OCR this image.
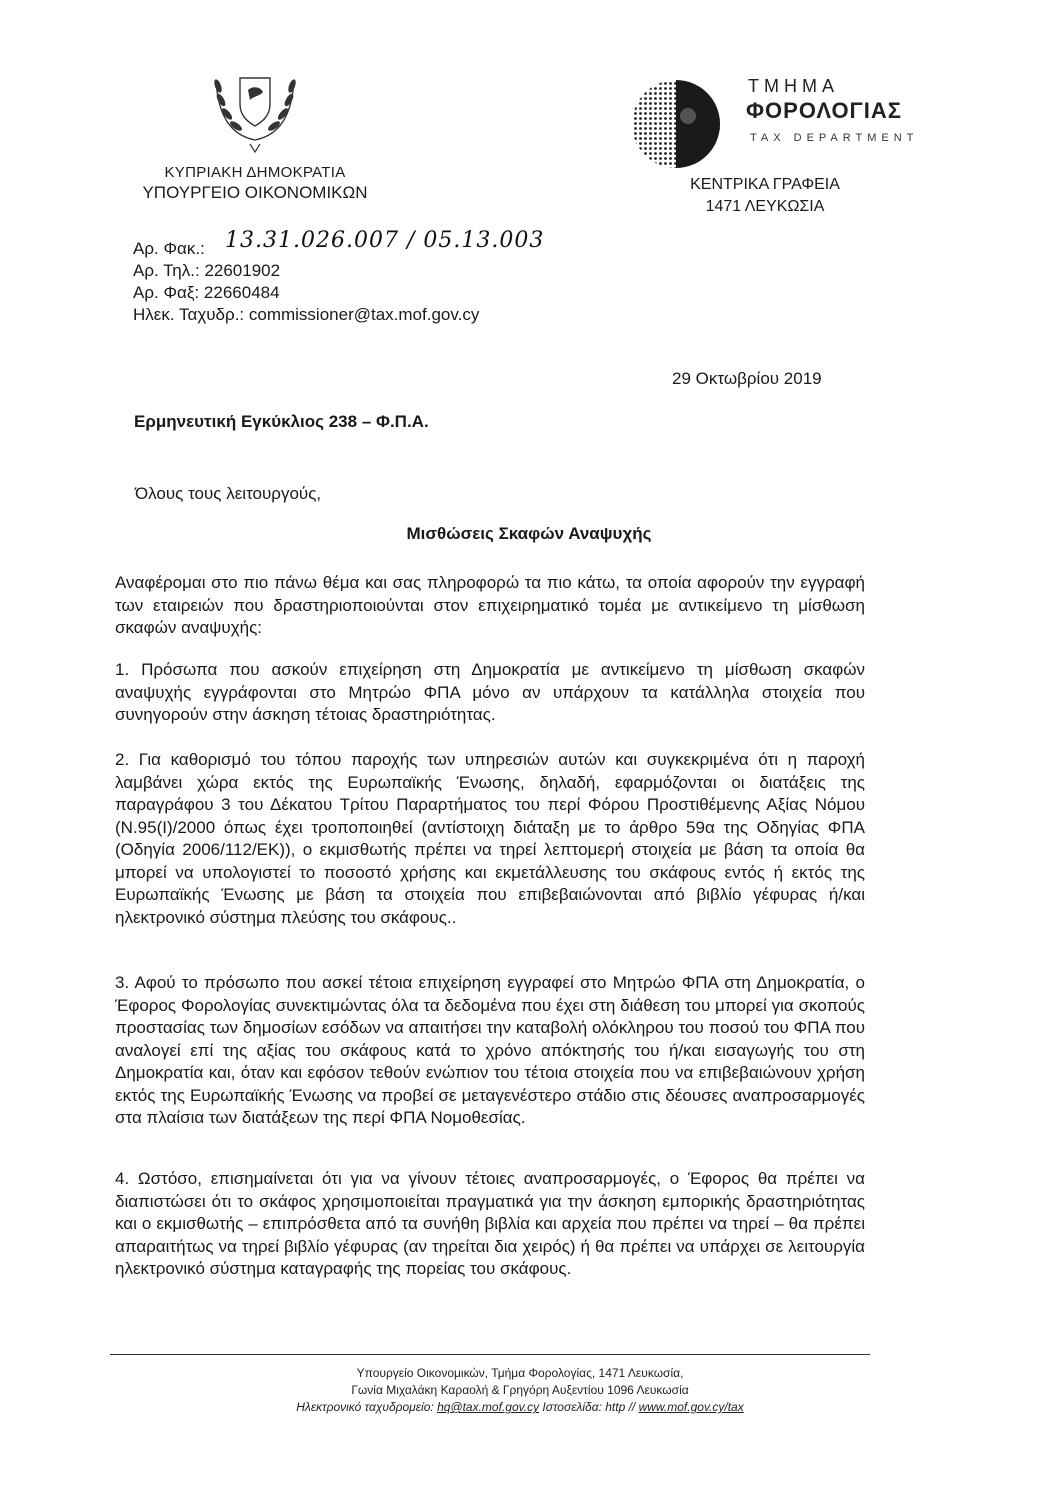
ΚΥΠΡΙΑΚΗ ΔΗΜΟΚΡΑΤΙΑ
ΥΠΟΥΡΓΕΙΟ ΟΙΚΟΝΟΜΙΚΩΝ
ΤΜΗΜΑ
ΦΟΡΟΛΟΓΙΑΣ
TAX DEPARTMENT
ΚΕΝΤΡΙΚΑ ΓΡΑΦΕΙΑ
1471 ΛΕΥΚΩΣΙΑ
Αρ. Φακ.: 13.31.026.007 / 05.13.003
Αρ. Τηλ.: 22601902
Αρ. Φαξ: 22660484
Ηλεκ. Ταχυδρ.: commissioner@tax.mof.gov.cy
29 Οκτωβρίου 2019
Ερμηνευτική Εγκύκλιος 238 – Φ.Π.Α.
Όλους τους λειτουργούς,
Μισθώσεις Σκαφών Αναψυχής
Αναφέρομαι στο πιο πάνω θέμα και σας πληροφορώ τα πιο κάτω, τα οποία αφορούν την εγγραφή των εταιρειών που δραστηριοποιούνται στον επιχειρηματικό τομέα με αντικείμενο τη μίσθωση σκαφών αναψυχής:
1. Πρόσωπα που ασκούν επιχείρηση στη Δημοκρατία με αντικείμενο τη μίσθωση σκαφών αναψυχής εγγράφονται στο Μητρώο ΦΠΑ μόνο αν υπάρχουν τα κατάλληλα στοιχεία που συνηγορούν στην άσκηση τέτοιας δραστηριότητας.
2. Για καθορισμό του τόπου παροχής των υπηρεσιών αυτών και συγκεκριμένα ότι η παροχή λαμβάνει χώρα εκτός της Ευρωπαϊκής Ένωσης, δηλαδή, εφαρμόζονται οι διατάξεις της παραγράφου 3 του Δέκατου Τρίτου Παραρτήματος του περί Φόρου Προστιθέμενης Αξίας Νόμου (Ν.95(Ι)/2000 όπως έχει τροποποιηθεί (αντίστοιχη διάταξη με το άρθρο 59α της Οδηγίας ΦΠΑ (Οδηγία 2006/112/ΕΚ)), ο εκμισθωτής πρέπει να τηρεί λεπτομερή στοιχεία με βάση τα οποία θα μπορεί να υπολογιστεί το ποσοστό χρήσης και εκμετάλλευσης του σκάφους εντός ή εκτός της Ευρωπαϊκής Ένωσης με βάση τα στοιχεία που επιβεβαιώνονται από βιβλίο γέφυρας ή/και ηλεκτρονικό σύστημα πλεύσης του σκάφους..
3. Αφού το πρόσωπο που ασκεί τέτοια επιχείρηση εγγραφεί στο Μητρώο ΦΠΑ στη Δημοκρατία, ο Έφορος Φορολογίας συνεκτιμώντας όλα τα δεδομένα που έχει στη διάθεση του μπορεί για σκοπούς προστασίας των δημοσίων εσόδων να απαιτήσει την καταβολή ολόκληρου του ποσού του ΦΠΑ που αναλογεί επί της αξίας του σκάφους κατά το χρόνο απόκτησής του ή/και εισαγωγής του στη Δημοκρατία και, όταν και εφόσον τεθούν ενώπιον του τέτοια στοιχεία που να επιβεβαιώνουν χρήση εκτός της Ευρωπαϊκής Ένωσης να προβεί σε μεταγενέστερο στάδιο στις δέουσες αναπροσαρμογές στα πλαίσια των διατάξεων της περί ΦΠΑ Νομοθεσίας.
4. Ωστόσο, επισημαίνεται ότι για να γίνουν τέτοιες αναπροσαρμογές, ο Έφορος θα πρέπει να διαπιστώσει ότι το σκάφος χρησιμοποιείται πραγματικά για την άσκηση εμπορικής δραστηριότητας και ο εκμισθωτής – επιπρόσθετα από τα συνήθη βιβλία και αρχεία που πρέπει να τηρεί – θα πρέπει απαραιτήτως να τηρεί βιβλίο γέφυρας (αν τηρείται δια χειρός) ή θα πρέπει να υπάρχει σε λειτουργία ηλεκτρονικό σύστημα καταγραφής της πορείας του σκάφους.
Υπουργείο Οικονομικών, Τμήμα Φορολογίας, 1471 Λευκωσία,
Γωνία Μιχαλάκη Καραολή & Γρηγόρη Αυξεντίου 1096 Λευκωσία
Ηλεκτρονικό ταχυδρομείο: hq@tax.mof.gov.cy Ιστοσελίδα: http // www.mof.gov.cy/tax
